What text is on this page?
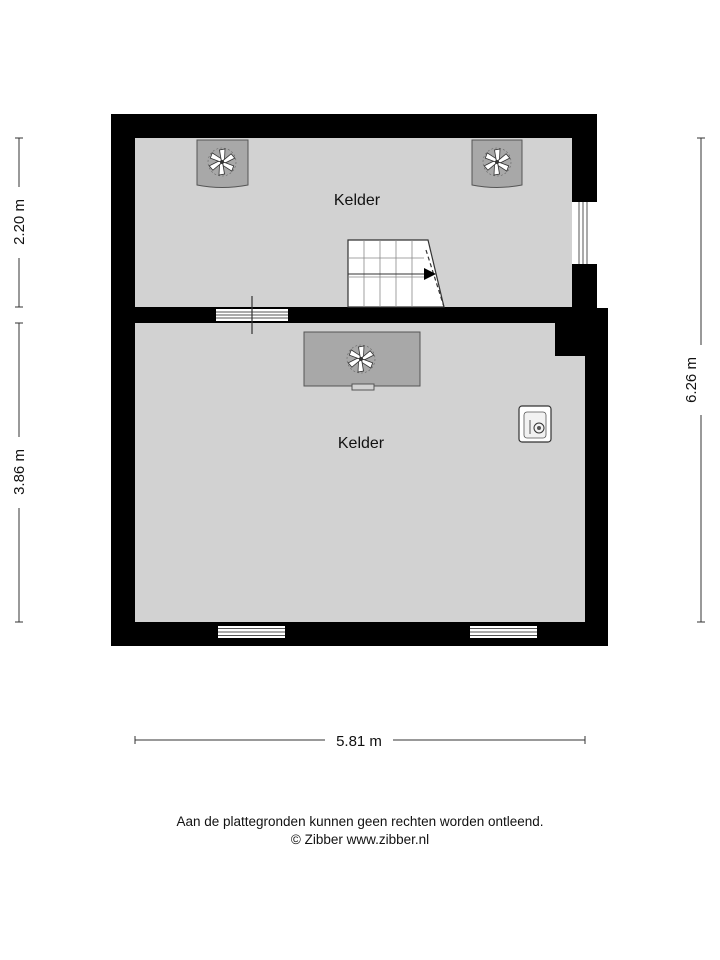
Kelder
Kelder
2.20 m
3.86 m
6.26 m
5.81 m
Aan de plattegronden kunnen geen rechten worden ontleend.
© Zibber www.zibber.nl
